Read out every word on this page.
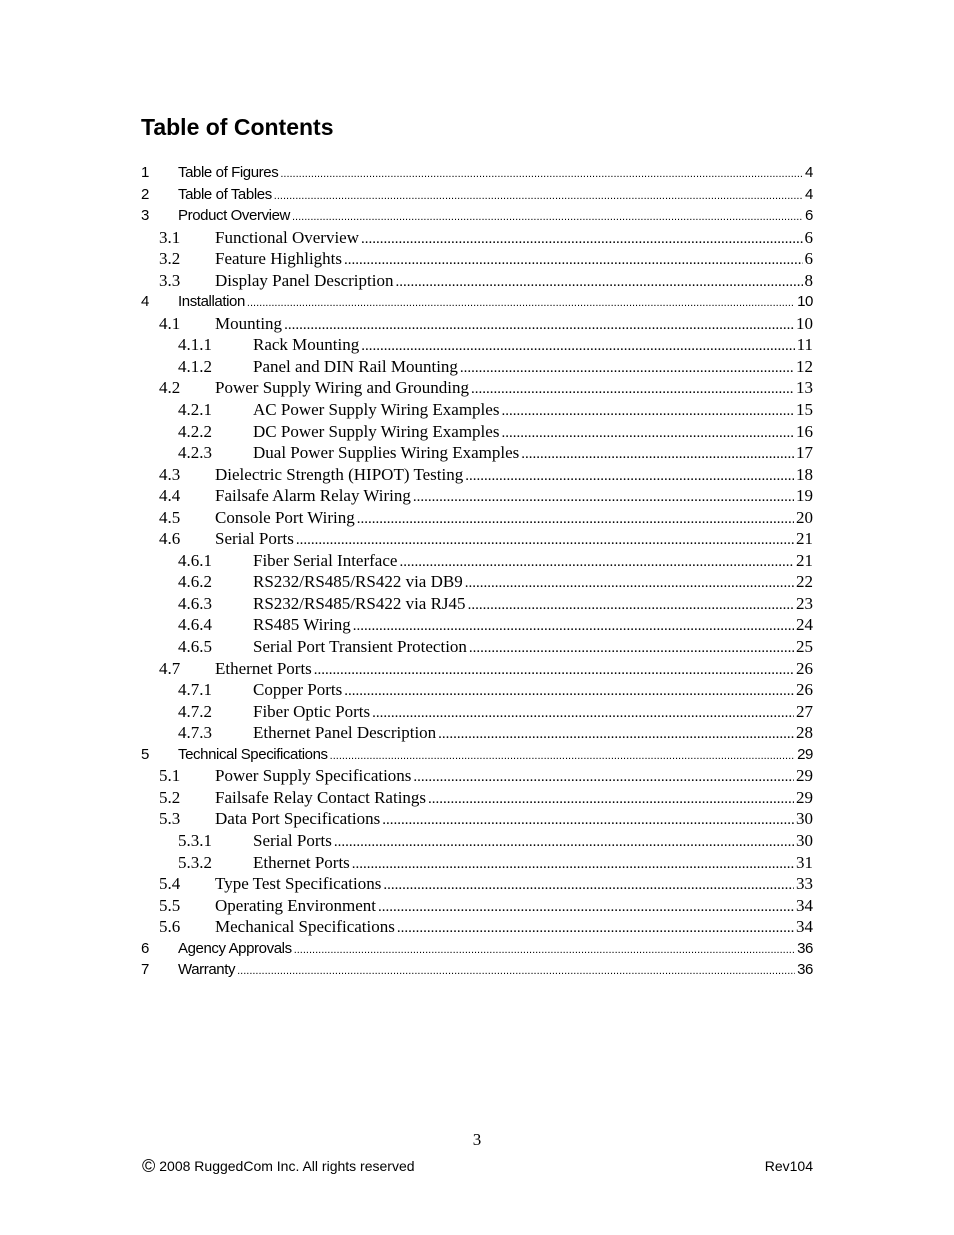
Table of Contents
1	Table of Figures .....	4
2	Table of Tables .....	4
3	Product Overview .....	6
3.1	Functional Overview .....	6
3.2	Feature Highlights .....	6
3.3	Display Panel Description .....	8
4	Installation .....	10
4.1	Mounting .....	10
4.1.1	Rack Mounting .....	11
4.1.2	Panel and DIN Rail Mounting .....	12
4.2	Power Supply Wiring and Grounding .....	13
4.2.1	AC Power Supply Wiring Examples .....	15
4.2.2	DC Power Supply Wiring Examples .....	16
4.2.3	Dual Power Supplies Wiring Examples .....	17
4.3	Dielectric Strength (HIPOT) Testing .....	18
4.4	Failsafe Alarm Relay Wiring .....	19
4.5	Console Port Wiring .....	20
4.6	Serial Ports .....	21
4.6.1	Fiber Serial Interface .....	21
4.6.2	RS232/RS485/RS422 via DB9 .....	22
4.6.3	RS232/RS485/RS422 via RJ45 .....	23
4.6.4	RS485 Wiring .....	24
4.6.5	Serial Port Transient Protection .....	25
4.7	Ethernet Ports .....	26
4.7.1	Copper Ports .....	26
4.7.2	Fiber Optic Ports .....	27
4.7.3	Ethernet Panel Description .....	28
5	Technical Specifications .....	29
5.1	Power Supply Specifications .....	29
5.2	Failsafe Relay Contact Ratings .....	29
5.3	Data Port Specifications .....	30
5.3.1	Serial Ports .....	30
5.3.2	Ethernet Ports .....	31
5.4	Type Test Specifications .....	33
5.5	Operating Environment .....	34
5.6	Mechanical Specifications .....	34
6	Agency Approvals .....	36
7	Warranty .....	36
3
© 2008 RuggedCom Inc. All rights reserved	Rev104
